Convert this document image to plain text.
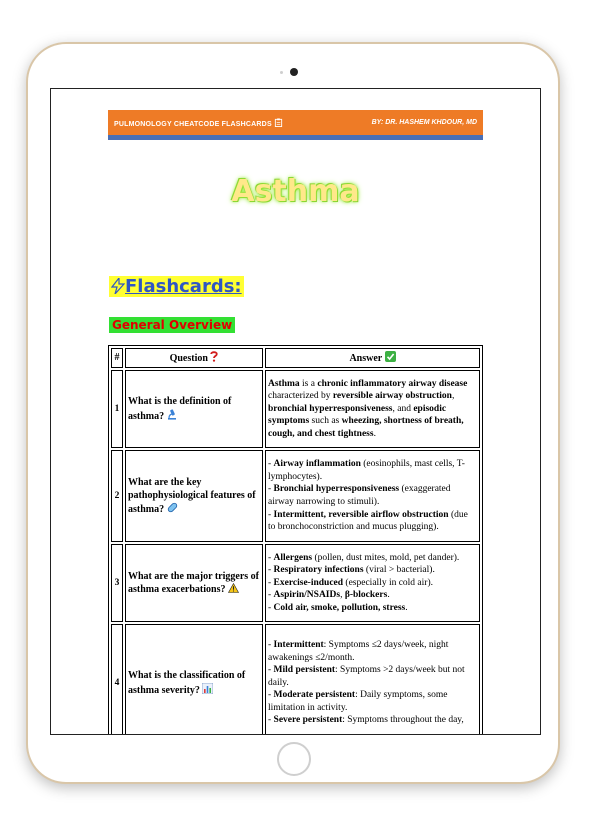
PULMONOLOGY CHEATCODE FLASHCARDS	BY: DR. HASHEM KHDOUR, MD
Asthma
Flashcards:
General Overview
#	Question	Answer
1	What is the definition of asthma?	Asthma is a chronic inflammatory airway disease characterized by reversible airway obstruction, bronchial hyperresponsiveness, and episodic symptoms such as wheezing, shortness of breath, cough, and chest tightness.
2	What are the key pathophysiological features of asthma?	- Airway inflammation (eosinophils, mast cells, T-lymphocytes).
- Bronchial hyperresponsiveness (exaggerated airway narrowing to stimuli).
- Intermittent, reversible airflow obstruction (due to bronchoconstriction and mucus plugging).
3	What are the major triggers of asthma exacerbations?	- Allergens (pollen, dust mites, mold, pet dander).
- Respiratory infections (viral > bacterial).
- Exercise-induced (especially in cold air).
- Aspirin/NSAIDs, β-blockers.
- Cold air, smoke, pollution, stress.
4	What is the classification of asthma severity?	- Intermittent: Symptoms ≤2 days/week, night awakenings ≤2/month.
- Mild persistent: Symptoms >2 days/week but not daily.
- Moderate persistent: Daily symptoms, some limitation in activity.
- Severe persistent: Symptoms throughout the day,
